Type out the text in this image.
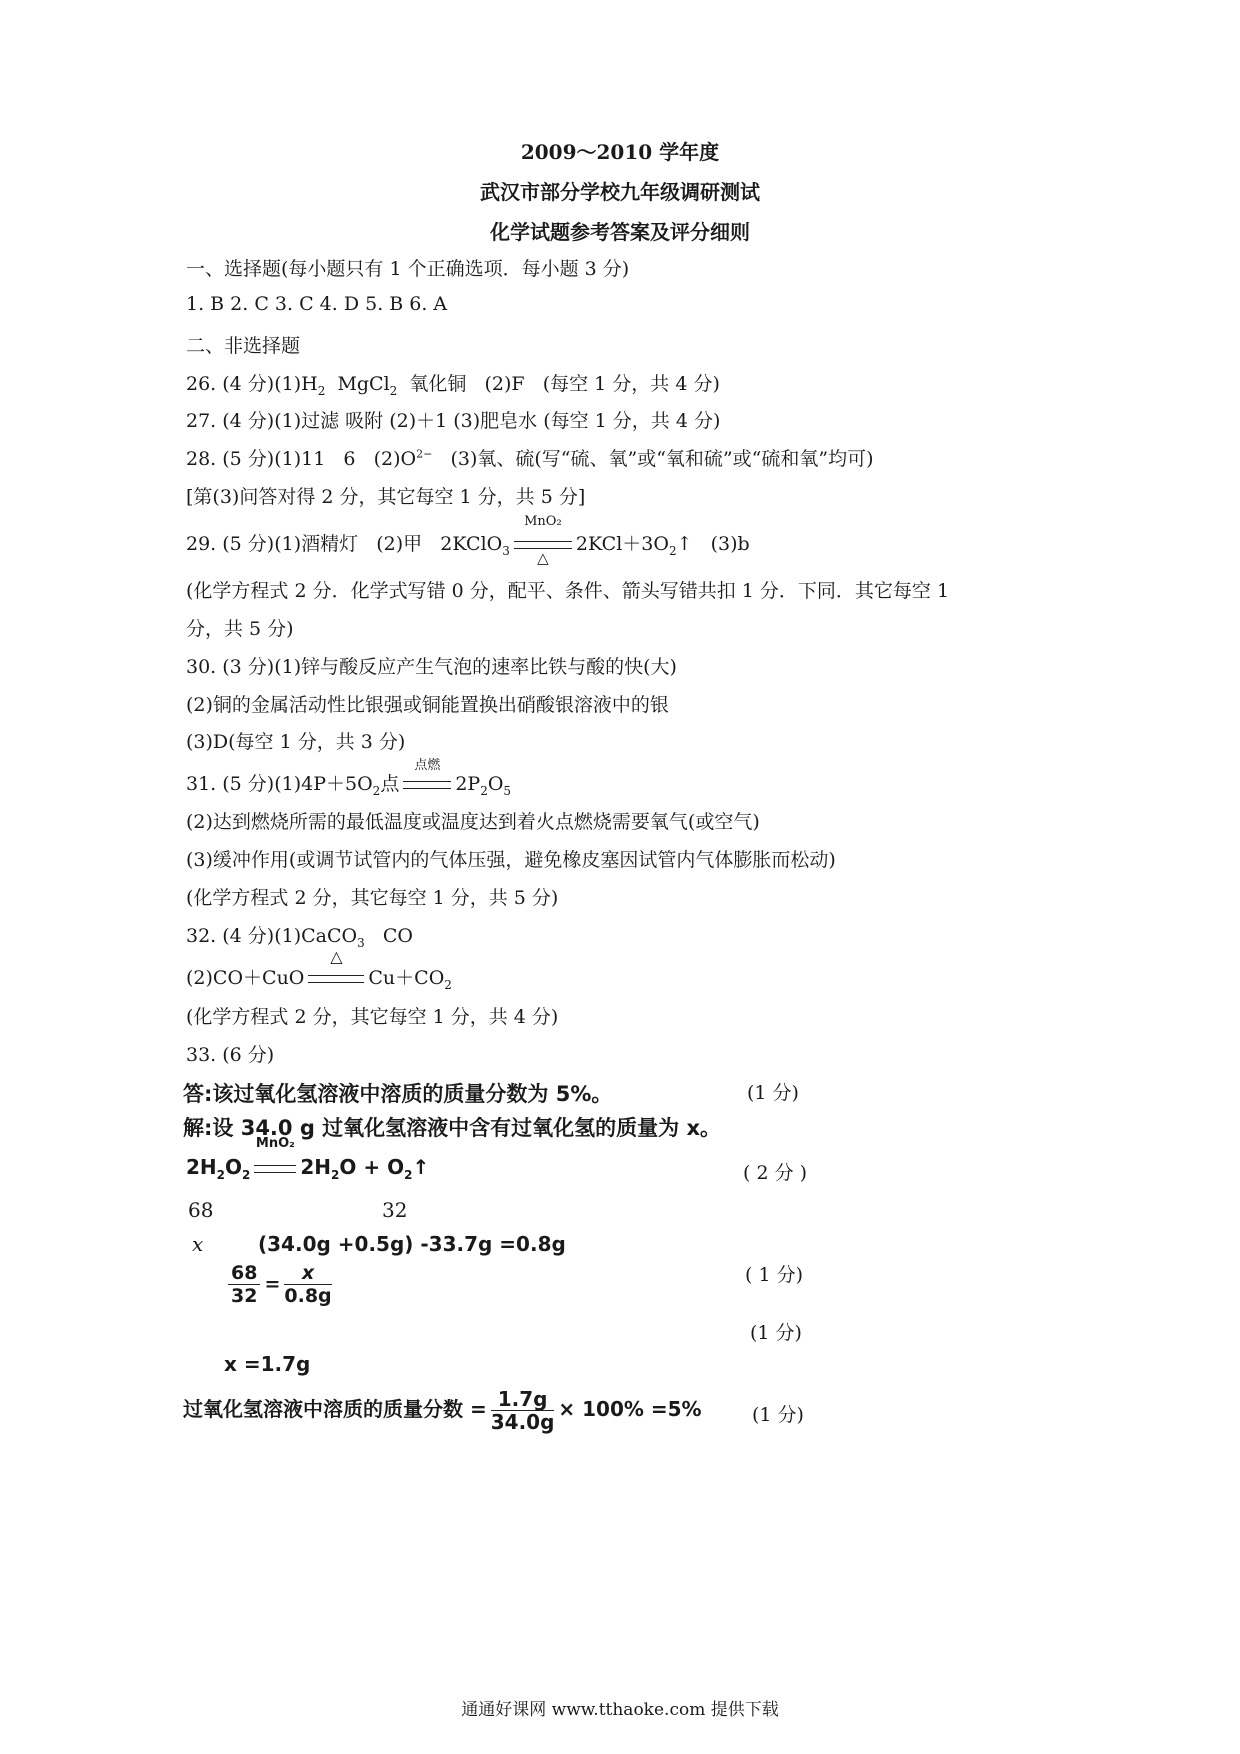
2009～2010 学年度
武汉市部分学校九年级调研测试
化学试题参考答案及评分细则
一、选择题(每小题只有 1 个正确选项．每小题 3 分)
1. B 2. C 3. C 4. D 5. B 6. A
二、非选择题
26. (4 分)$(1)H_2$  MgCl$_2$  氧化铜   (2)F   (每空 1 分，共 4 分)
27. (4 分)(1)过滤 吸附 (2)＋1 (3)肥皂水 (每空 1 分，共 4 分)
28. (5 分)(1)11   6   $(2)O^{2-}$   (3)氧、硫(写“硫、氧”或“氧和硫”或“硫和氧”均可)
[第(3)问答对得 2 分，其它每空 1 分，共 5 分]
29. (5 分)(1)酒精灯   (2)甲   2KClO$_3$
MnO₂
△
$2KCl+3O_2↑$   (3)b
(化学方程式 2 分．化学式写错 0 分，配平、条件、箭头写错共扣 1 分．下同．其它每空 1
分，共 5 分)
30. (3 分)(1)锌与酸反应产生气泡的速率比铁与酸的快(大)
(2)铜的金属活动性比银强或铜能置换出硝酸银溶液中的银
(3)D(每空 1 分，共 3 分)
31. (5 分)$(1)4P+5O_2$点
点燃
$2P_2O_5$
(2)达到燃烧所需的最低温度或温度达到着火点燃烧需要氧气(或空气)
(3)缓冲作用(或调节试管内的气体压强，避免橡皮塞因试管内气体膨胀而松动)
(化学方程式 2 分，其它每空 1 分，共 5 分)
32. (4 分)(1)CaCO$_3$   CO
(2)CO＋CuO
△
$Cu+CO_2$
(化学方程式 2 分，其它每空 1 分，共 4 分)
33. (6 分)
答:该过氧化氢溶液中溶质的质量分数为 5%。	(1 分)
解:设 34.0 g 过氧化氢溶液中含有过氧化氢的质量为 x。
$2H_2O_2$
MnO₂
$2H_2O$ + $O_2↑$	( 2 分 )
68	32
x	(34.0g +0.5g) -33.7g =0.8g
$\frac{68}{32} = \frac{x}{0.8g}$	( 1 分)
(1 分)
x =1.7g
过氧化氢溶液中溶质的质量分数 = $\frac{1.7g}{34.0g} \times 100\% =5\%$	(1 分)
通通好课网 www.tthaoke.com 提供下载
